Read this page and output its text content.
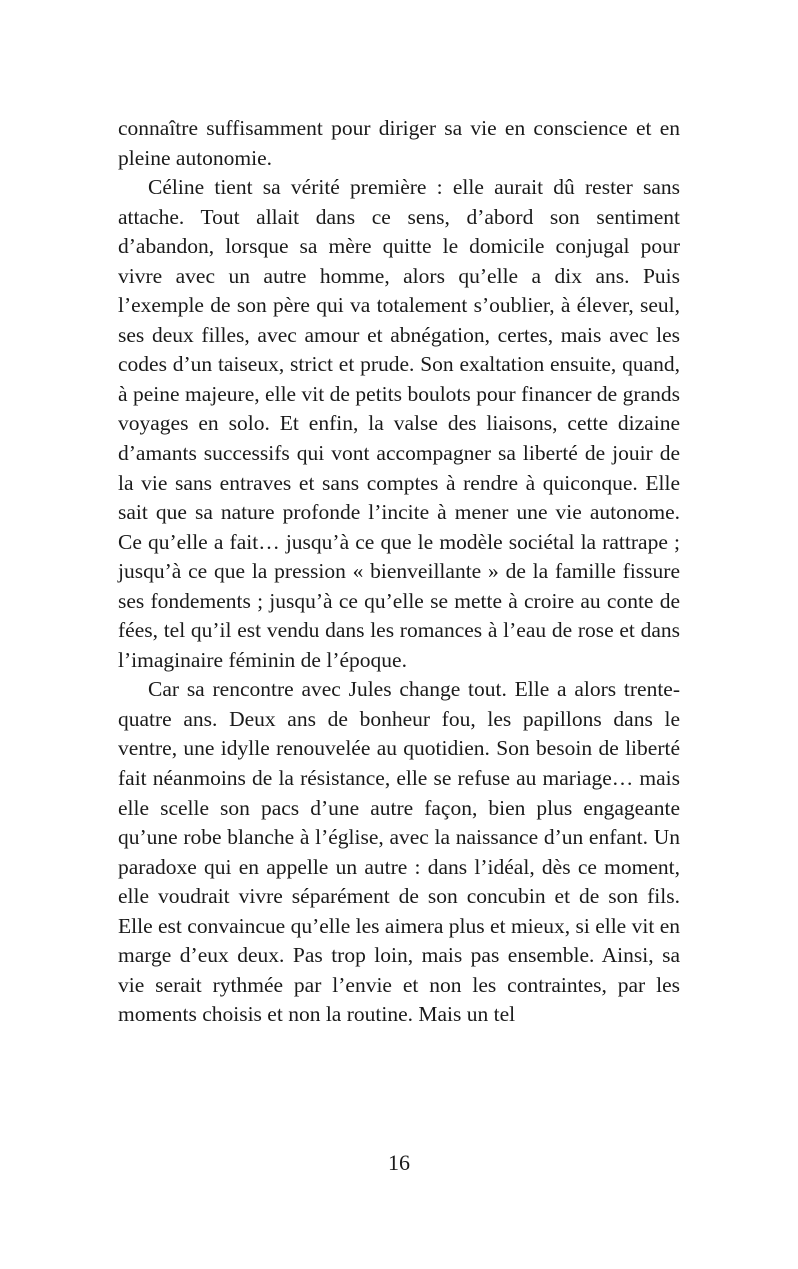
connaître suffisamment pour diriger sa vie en conscience et en pleine autonomie.

Céline tient sa vérité première : elle aurait dû rester sans attache. Tout allait dans ce sens, d’abord son sentiment d’abandon, lorsque sa mère quitte le domicile conjugal pour vivre avec un autre homme, alors qu’elle a dix ans. Puis l’exemple de son père qui va totalement s’oublier, à élever, seul, ses deux filles, avec amour et abnégation, certes, mais avec les codes d’un taiseux, strict et prude. Son exaltation ensuite, quand, à peine majeure, elle vit de petits boulots pour financer de grands voyages en solo. Et enfin, la valse des liaisons, cette dizaine d’amants successifs qui vont accompagner sa liberté de jouir de la vie sans entraves et sans comptes à rendre à quiconque. Elle sait que sa nature profonde l’incite à mener une vie autonome. Ce qu’elle a fait… jusqu’à ce que le modèle sociétal la rattrape ; jusqu’à ce que la pression « bienveillante » de la famille fissure ses fondements ; jusqu’à ce qu’elle se mette à croire au conte de fées, tel qu’il est vendu dans les romances à l’eau de rose et dans l’imaginaire féminin de l’époque.

Car sa rencontre avec Jules change tout. Elle a alors trente-quatre ans. Deux ans de bonheur fou, les papillons dans le ventre, une idylle renouvelée au quotidien. Son besoin de liberté fait néanmoins de la résistance, elle se refuse au mariage… mais elle scelle son pacs d’une autre façon, bien plus engageante qu’une robe blanche à l’église, avec la naissance d’un enfant. Un paradoxe qui en appelle un autre : dans l’idéal, dès ce moment, elle voudrait vivre séparément de son concubin et de son fils. Elle est convaincue qu’elle les aimera plus et mieux, si elle vit en marge d’eux deux. Pas trop loin, mais pas ensemble. Ainsi, sa vie serait rythmée par l’envie et non les contraintes, par les moments choisis et non la routine. Mais un tel

16
